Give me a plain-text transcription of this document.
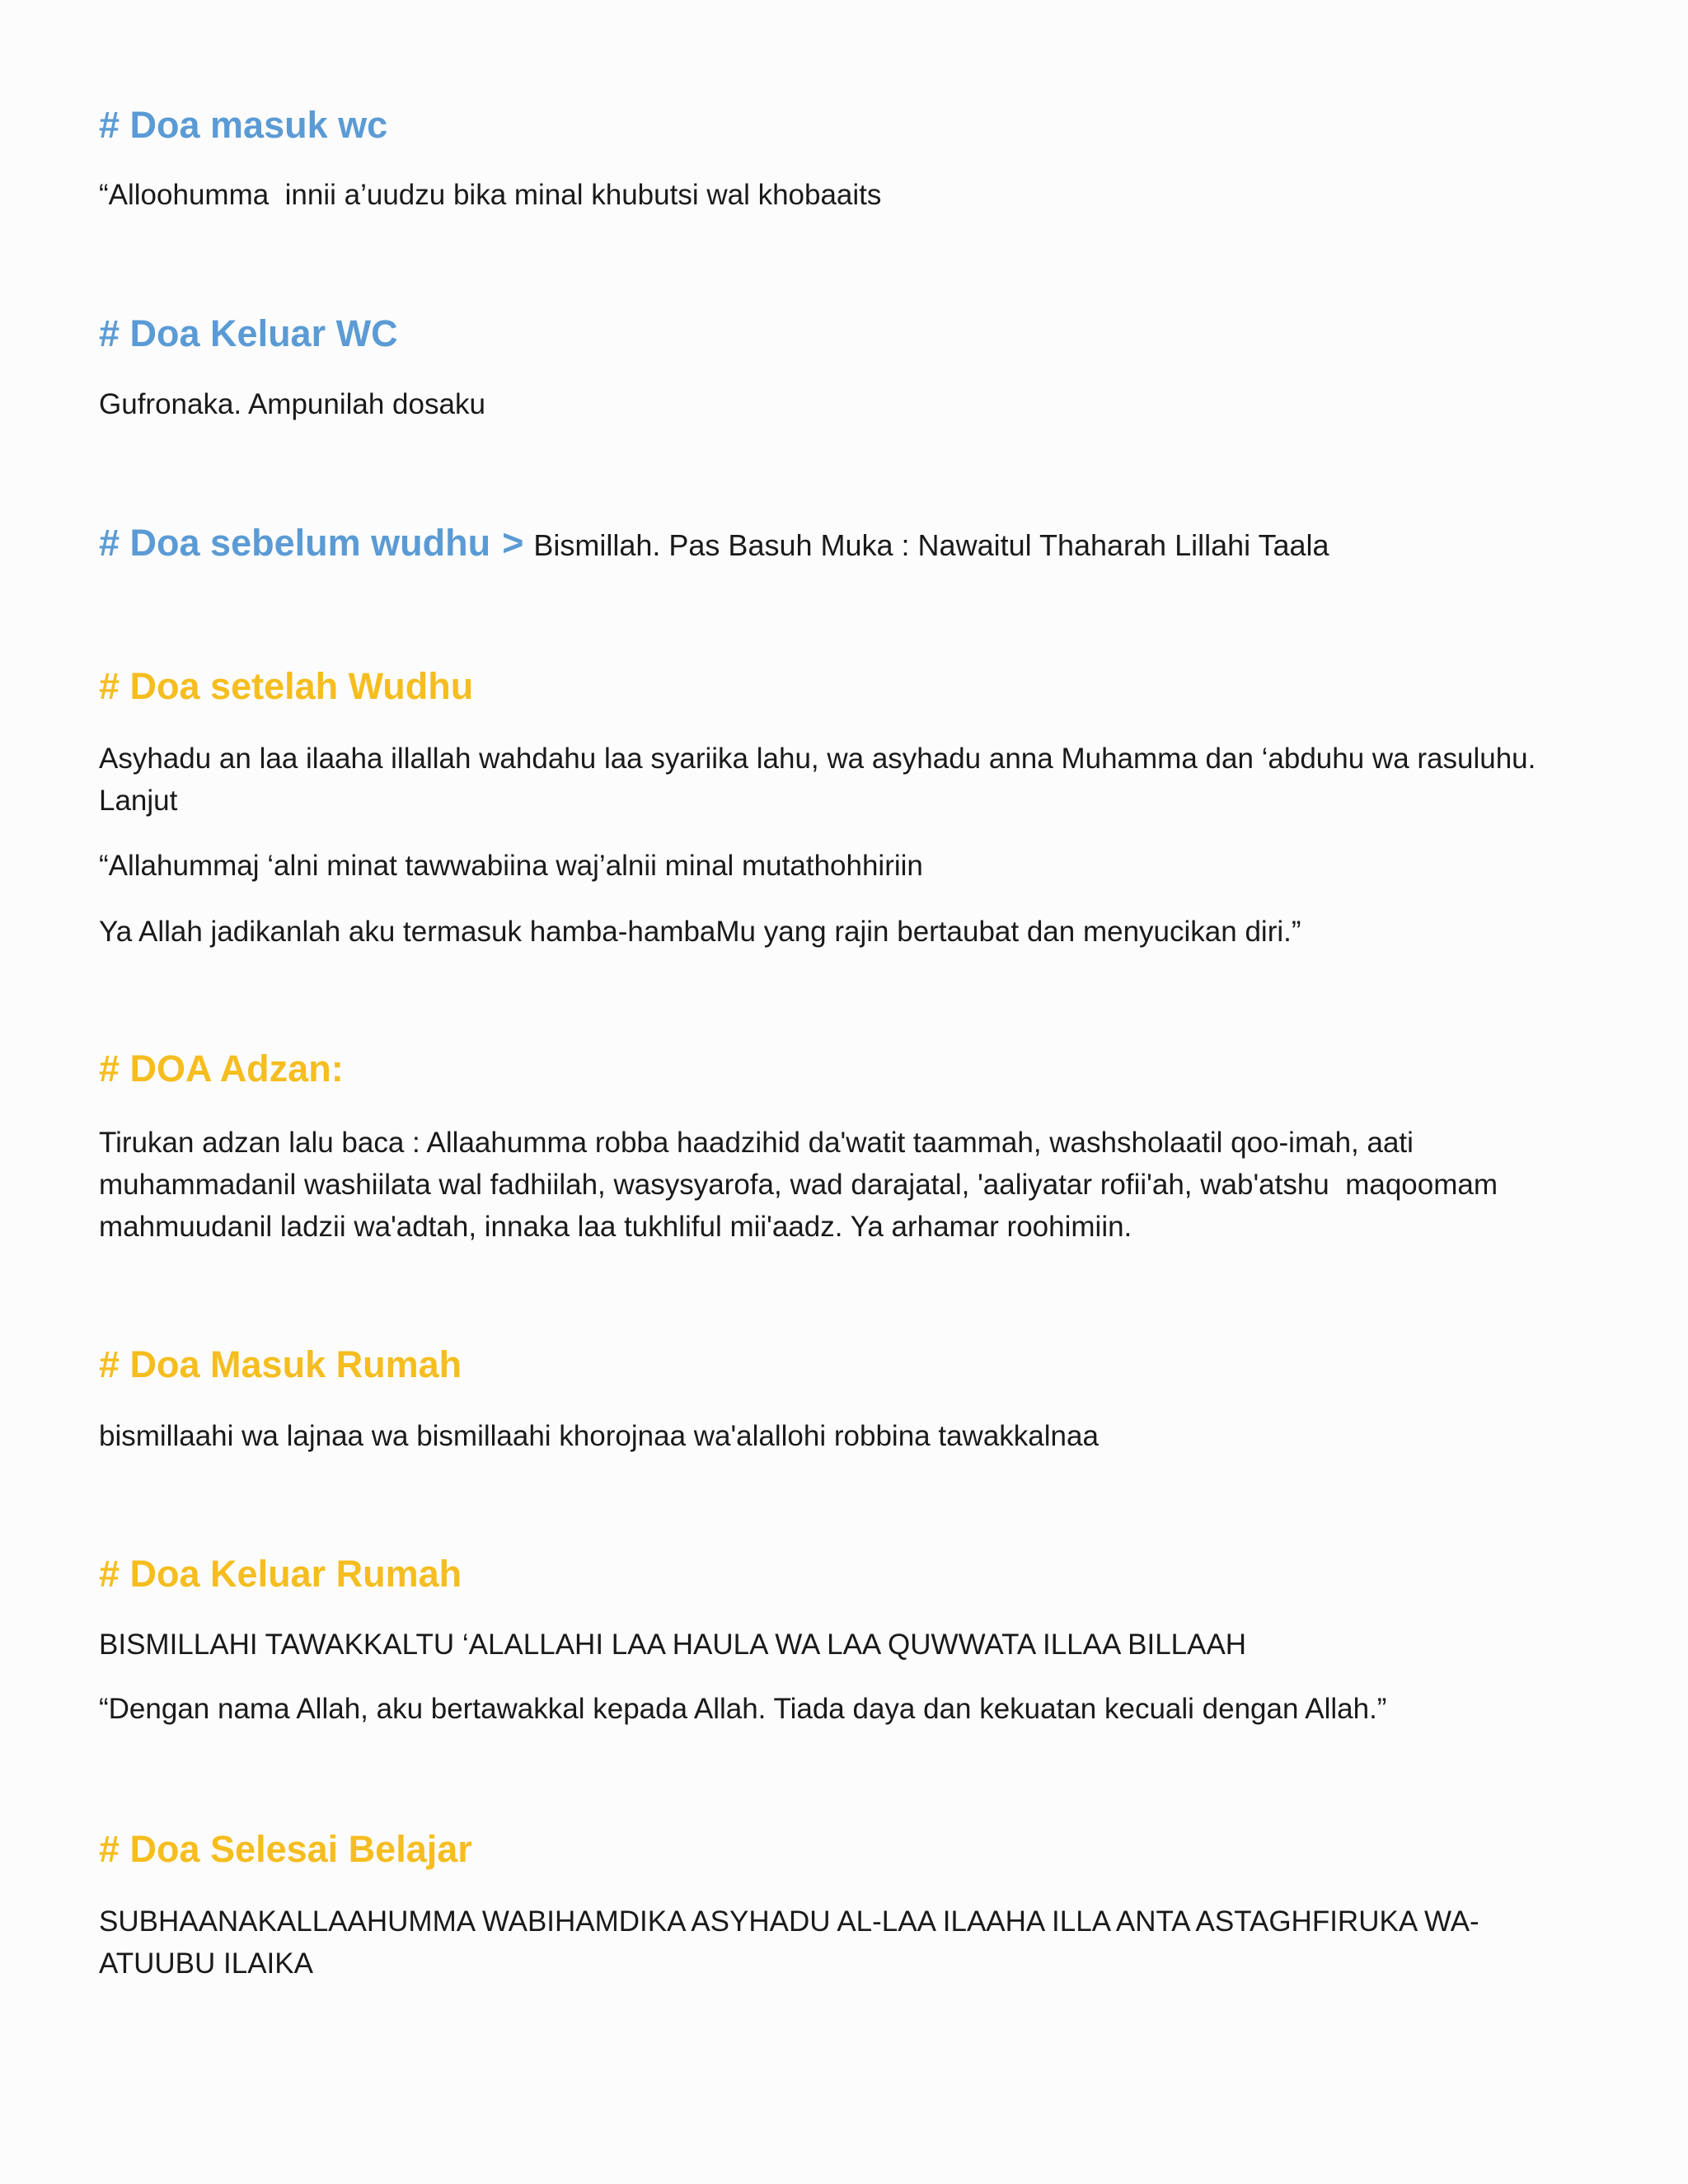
# Doa masuk wc

“Alloohumma  innii a’uudzu bika minal khubutsi wal khobaaits

# Doa Keluar WC

Gufronaka. Ampunilah dosaku

# Doa sebelum wudhu > Bismillah. Pas Basuh Muka : Nawaitul Thaharah Lillahi Taala
# Doa setelah Wudhu

Asyhadu an laa ilaaha illallah wahdahu laa syariika lahu, wa asyhadu anna Muhamma dan ‘abduhu wa rasuluhu.
Lanjut

“Allahummaj ‘alni minat tawwabiina waj’alnii minal mutathohhiriin

Ya Allah jadikanlah aku termasuk hamba-hambaMu yang rajin bertaubat dan menyucikan diri.”

# DOA Adzan:

Tirukan adzan lalu baca : Allaahumma robba haadzihid da'watit taammah, washsholaatil qoo-imah, aati
muhammadanil washiilata wal fadhiilah, wasysyarofa, wad darajatal, 'aaliyatar rofii'ah, wab'atshu  maqoomam
mahmuudanil ladzii wa'adtah, innaka laa tukhliful mii'aadz. Ya arhamar roohimiin.

# Doa Masuk Rumah

bismillaahi wa lajnaa wa bismillaahi khorojnaa wa'alallohi robbina tawakkalnaa

# Doa Keluar Rumah

BISMILLAHI TAWAKKALTU ‘ALALLAHI LAA HAULA WA LAA QUWWATA ILLAA BILLAAH

“Dengan nama Allah, aku bertawakkal kepada Allah. Tiada daya dan kekuatan kecuali dengan Allah.”

# Doa Selesai Belajar

SUBHAANAKALLAAHUMMA WABIHAMDIKA ASYHADU AL-LAA ILAAHA ILLA ANTA ASTAGHFIRUKA WA-
ATUUBU ILAIKA
